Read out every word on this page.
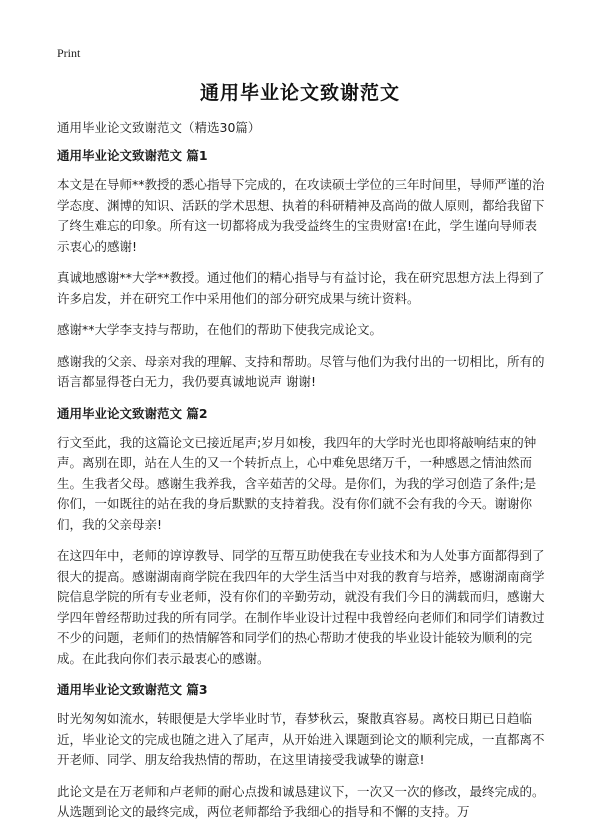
Print
通用毕业论文致谢范文

通用毕业论文致谢范文（精选30篇）

通用毕业论文致谢范文 篇1

本文是在导师**教授的悉心指导下完成的，在攻读硕士学位的三年时间里，导师严谨的治学态度、渊博的知识、活跃的学术思想、执着的科研精神及高尚的做人原则，都给我留下了终生难忘的印象。所有这一切都将成为我受益终生的宝贵财富!在此，学生谨向导师表示衷心的感谢!

真诚地感谢**大学**教授。通过他们的精心指导与有益讨论，我在研究思想方法上得到了许多启发，并在研究工作中采用他们的部分研究成果与统计资料。

感谢**大学李支持与帮助，在他们的帮助下使我完成论文。

感谢我的父亲、母亲对我的理解、支持和帮助。尽管与他们为我付出的一切相比，所有的语言都显得苍白无力，我仍要真诚地说声 谢谢!

通用毕业论文致谢范文 篇2

行文至此，我的这篇论文已接近尾声;岁月如梭，我四年的大学时光也即将敲响结束的钟声。离别在即，站在人生的又一个转折点上，心中难免思绪万千，一种感恩之情油然而生。生我者父母。感谢生我养我，含辛茹苦的父母。是你们，为我的学习创造了条件;是你们，一如既往的站在我的身后默默的支持着我。没有你们就不会有我的今天。谢谢你们，我的父亲母亲!

在这四年中，老师的谆谆教导、同学的互帮互助使我在专业技术和为人处事方面都得到了很大的提高。感谢湖南商学院在我四年的大学生活当中对我的教育与培养，感谢湖南商学院信息学院的所有专业老师，没有你们的辛勤劳动，就没有我们今日的满载而归，感谢大学四年曾经帮助过我的所有同学。在制作毕业设计过程中我曾经向老师们和同学们请教过不少的问题，老师们的热情解答和同学们的热心帮助才使我的毕业设计能较为顺利的完成。在此我向你们表示最衷心的感谢。

通用毕业论文致谢范文 篇3

时光匆匆如流水，转眼便是大学毕业时节，春梦秋云，聚散真容易。离校日期已日趋临近，毕业论文的完成也随之进入了尾声，从开始进入课题到论文的顺利完成，一直都离不开老师、同学、朋友给我热情的帮助，在这里请接受我诚挚的谢意!

此论文是在万老师和卢老师的耐心点拨和诚恳建议下，一次又一次的修改，最终完成的。从选题到论文的最终完成，两位老师都给予我细心的指导和不懈的支持。万
